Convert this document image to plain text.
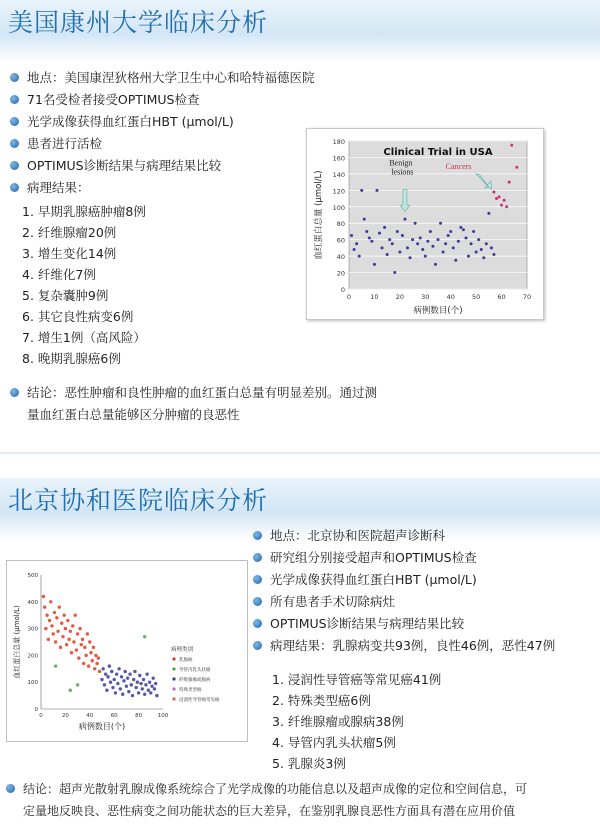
美国康州大学临床分析
地点：美国康涅狄格州大学卫生中心和哈特福德医院
71名受检者接受OPTIMUS检查
光学成像获得血红蛋白HBT (μmol/L)
患者进行活检
OPTIMUS诊断结果与病理结果比较
病理结果：
1. 早期乳腺癌肿瘤8例
2. 纤维腺瘤20例
3. 增生变化14例
4. 纤维化7例
5. 复杂囊肿9例
6. 其它良性病变6例
7. 增生1例（高风险）
8. 晚期乳腺癌6例
结论：恶性肿瘤和良性肿瘤的血红蛋白总量有明显差别。通过测
量血红蛋白总量能够区分肿瘤的良恶性
0
20
40
60
80
100
120
140
160
180
0	10	20	30	40	50	60	70
Clinical Trial in USA
病例数目(个)
血红蛋白总量 (μmol/L)
Benign lesions
Cancers
北京协和医院临床分析
地点：北京协和医院超声诊断科
研究组分别接受超声和OPTIMUS检查
光学成像获得血红蛋白HBT (μmol/L)
所有患者手术切除病灶
OPTIMUS诊断结果与病理结果比较
病理结果：乳腺病变共93例，良性46例，恶性47例
1. 浸润性导管癌等常见癌41例
2. 特殊类型癌6例
3. 纤维腺瘤或腺病38例
4. 导管内乳头状瘤5例
5. 乳腺炎3例
结论：超声光散射乳腺成像系统综合了光学成像的功能信息以及超声成像的定位和空间信息，可
定量地反映良、恶性病变之间功能状态的巨大差异，在鉴别乳腺良恶性方面具有潜在应用价值
0
100
200
300
400
500
0	20	40	60	80	100
病例数目(个)
血红蛋白总量 (μmol/L)	病理类别
乳腺癌
导管内乳头状瘤
纤维腺瘤或腺病
特殊类型癌
浸润性导管癌常见癌
